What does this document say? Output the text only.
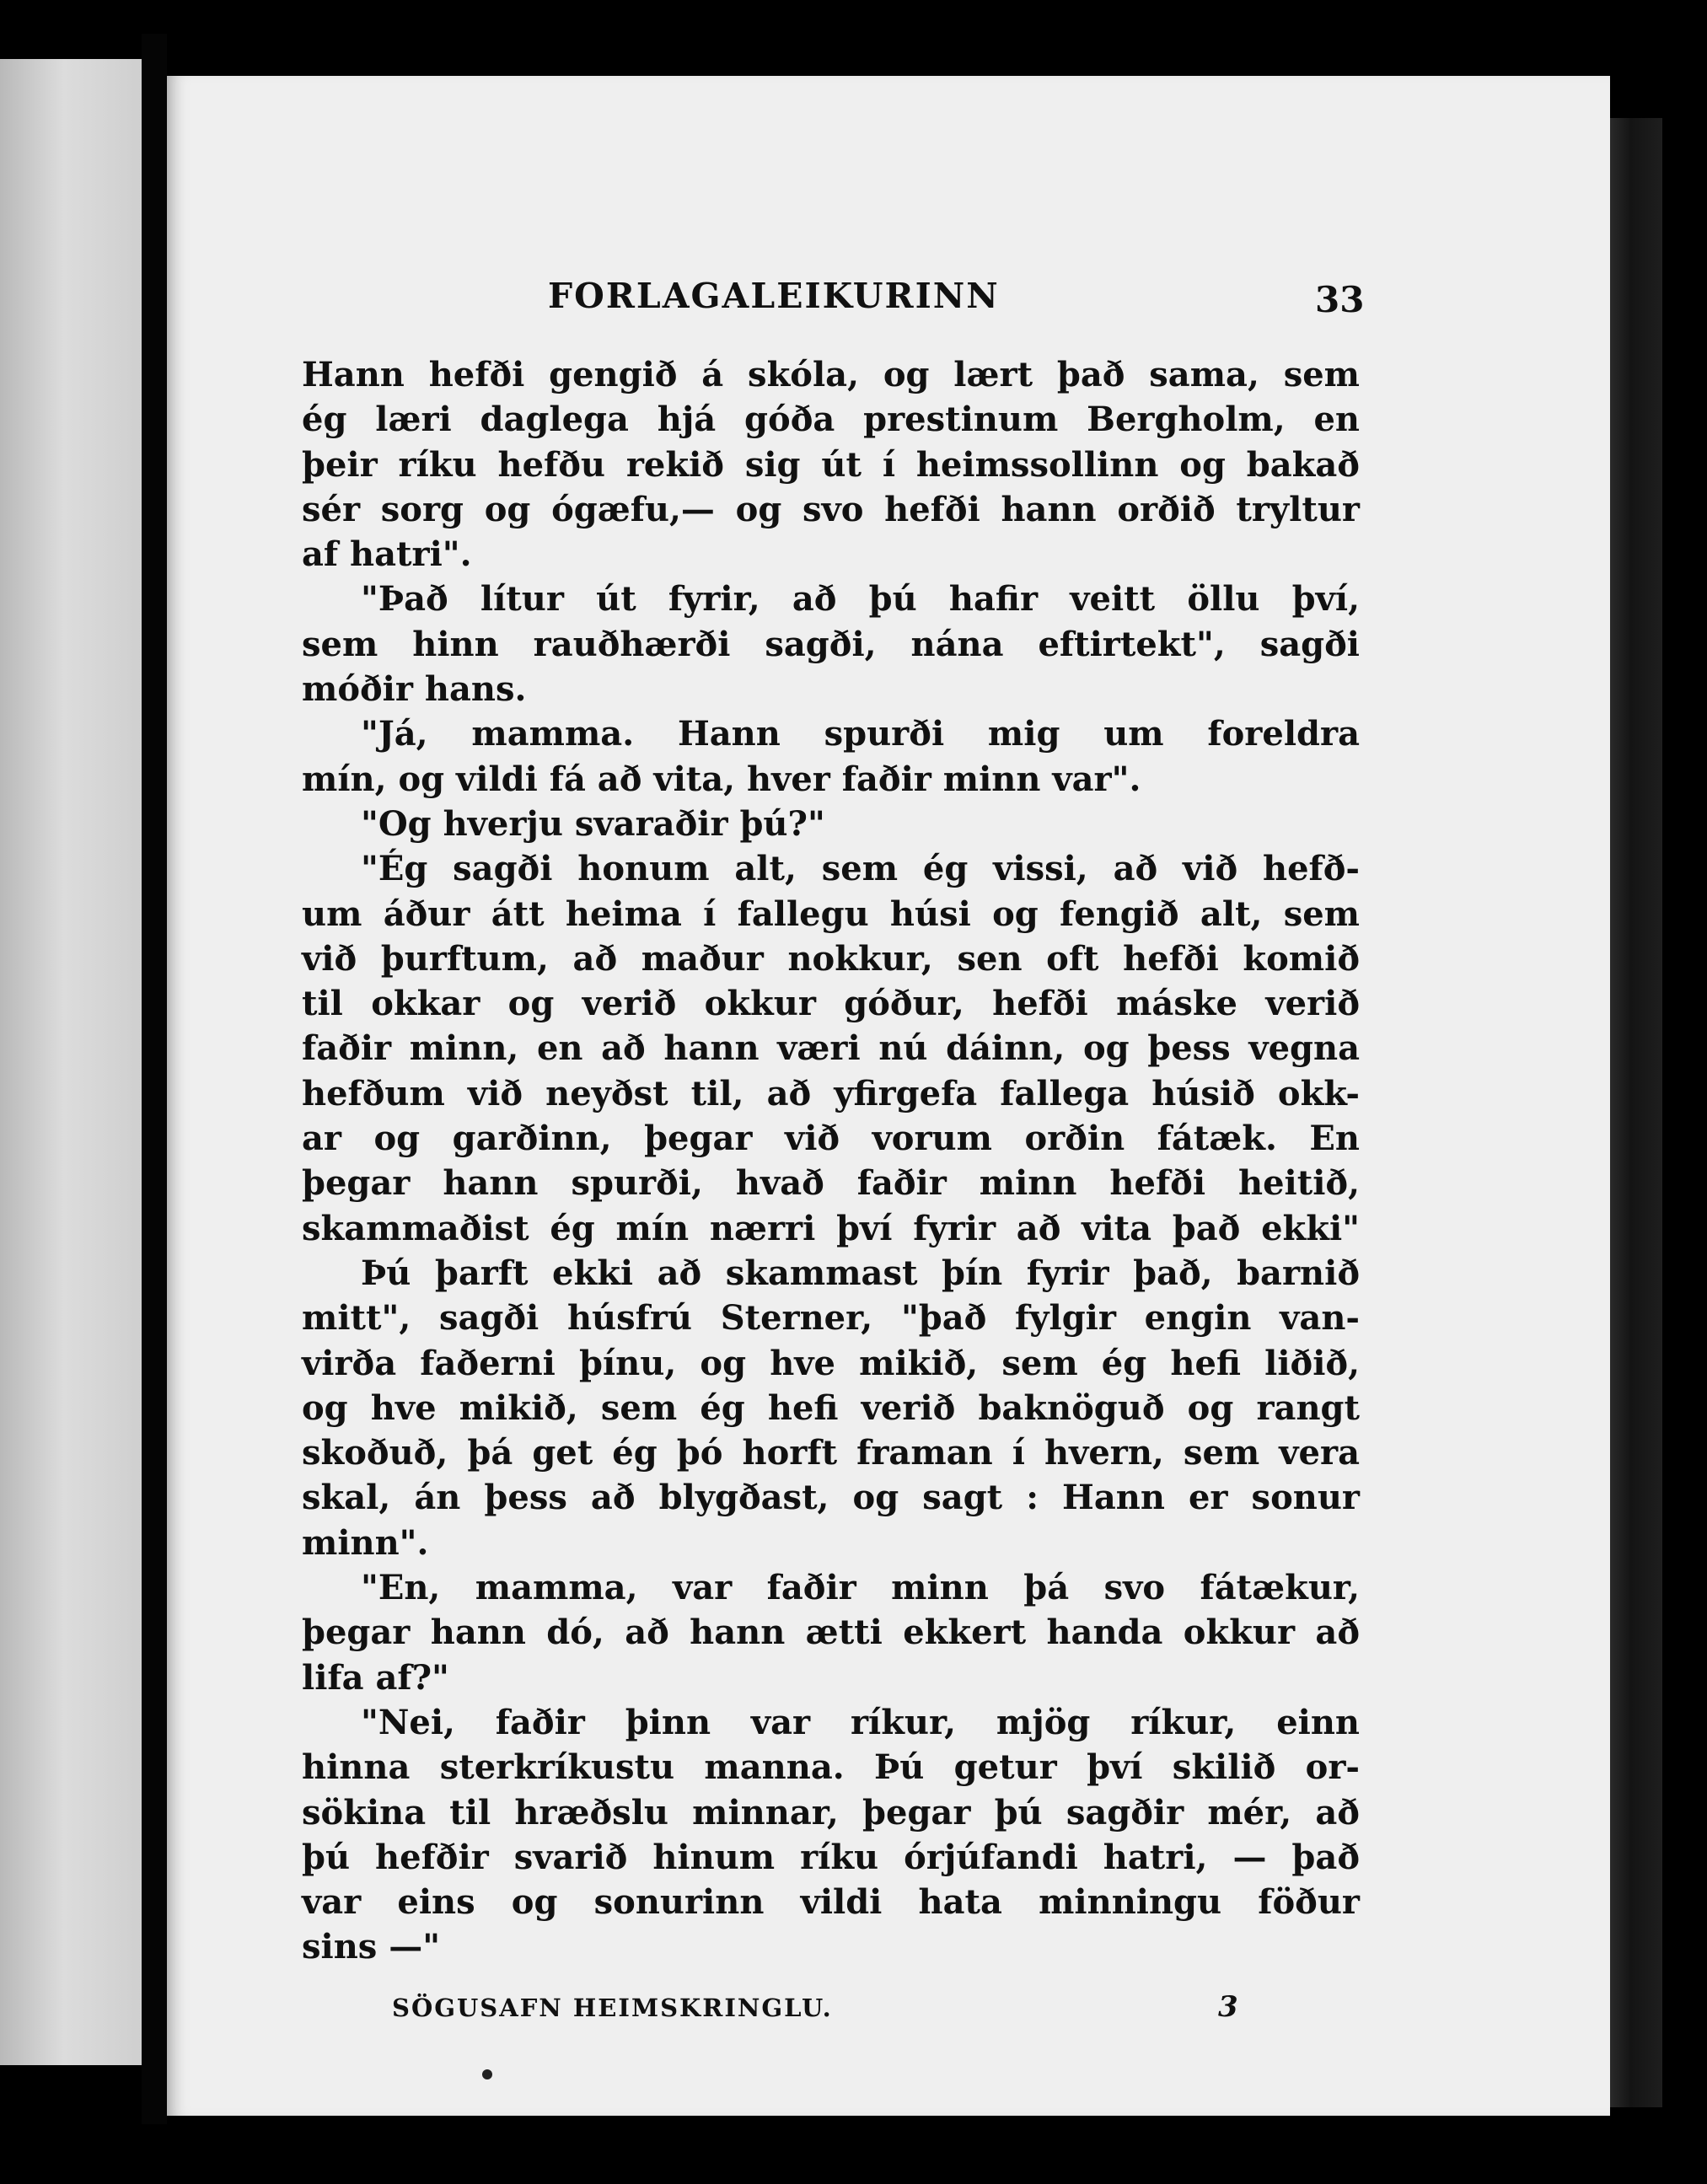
FORLAGALEIKURINN	33
Hann hefði gengið á skóla, og lært það sama, sem
ég læri daglega hjá góða prestinum Bergholm, en
þeir ríku hefðu rekið sig út í heimssollinn og bakað
sér sorg og ógæfu,— og svo hefði hann orðið tryltur
af hatri".
"Það lítur út fyrir, að þú hafir veitt öllu því,
sem hinn rauðhærði sagði, nána eftirtekt", sagði
móðir hans.
"Já, mamma. Hann spurði mig um foreldra
mín, og vildi fá að vita, hver faðir minn var".
"Og hverju svaraðir þú?"
"Ég sagði honum alt, sem ég vissi, að við hefð-
um áður átt heima í fallegu húsi og fengið alt, sem
við þurftum, að maður nokkur, sen oft hefði komið
til okkar og verið okkur góður, hefði máske verið
faðir minn, en að hann væri nú dáinn, og þess vegna
hefðum við neyðst til, að yfirgefa fallega húsið okk-
ar og garðinn, þegar við vorum orðin fátæk. En
þegar hann spurði, hvað faðir minn hefði heitið,
skammaðist ég mín nærri því fyrir að vita það ekki"
Þú þarft ekki að skammast þín fyrir það, barnið
mitt", sagði húsfrú Sterner, "það fylgir engin van-
virða faðerni þínu, og hve mikið, sem ég hefi liðið,
og hve mikið, sem ég hefi verið baknöguð og rangt
skoðuð, þá get ég þó horft framan í hvern, sem vera
skal, án þess að blygðast, og sagt : Hann er sonur
minn".
"En, mamma, var faðir minn þá svo fátækur,
þegar hann dó, að hann ætti ekkert handa okkur að
lifa af?"
"Nei, faðir þinn var ríkur, mjög ríkur, einn
hinna sterkríkustu manna. Þú getur því skilið or-
sökina til hræðslu minnar, þegar þú sagðir mér, að
þú hefðir svarið hinum ríku órjúfandi hatri, — það
var eins og sonurinn vildi hata minningu föður
sins —"
SÖGUSAFN HEIMSKRINGLU.	3
